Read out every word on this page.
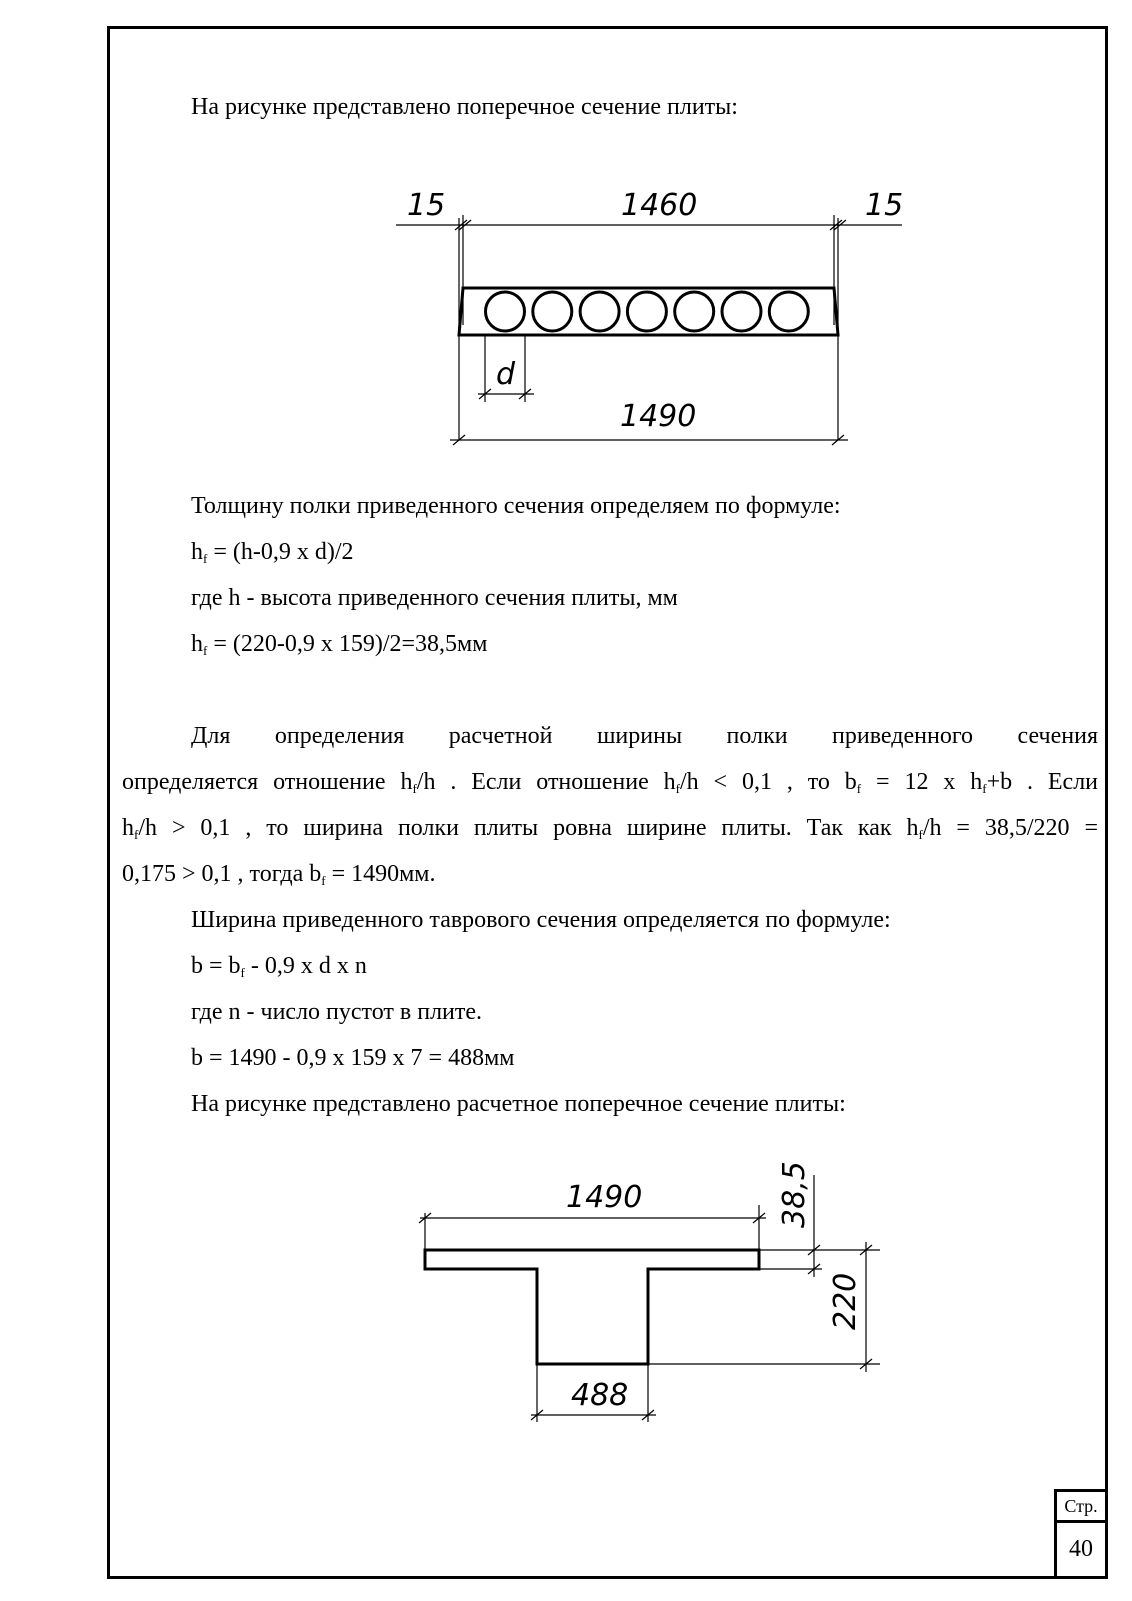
На рисунке представлено поперечное сечение плиты:
15	1460	15
d
1490
1490	38,5
220
488
Толщину полки приведенного сечения определяем по формуле:
$h_f = (h-0,9$ x d)/2
где h - высота приведенного сечения плиты, мм
$h_f = (220-0,9$ x 159)/2=38,5мм
Для определения расчетной ширины полки приведенного сечения
определяется отношение $h_f/h$ . Если отношение $h_f/h < 0,1$ , то $b_f = 12$ x $h_f+b$ . Если
$h_f/h > 0,1$ , то ширина полки плиты ровна ширине плиты. Так как $h_f/h = 38,5/220$ =
0,175 > 0,1 , тогда $b_f = 1490мм$.
Ширина приведенного таврового сечения определяется по формуле:
$b = b_f - 0,9$ x d x n
где n - число пустот в плите.
b = 1490 - 0,9 x 159 x 7 = 488мм
На рисунке представлено расчетное поперечное сечение плиты:
Стр.
40
